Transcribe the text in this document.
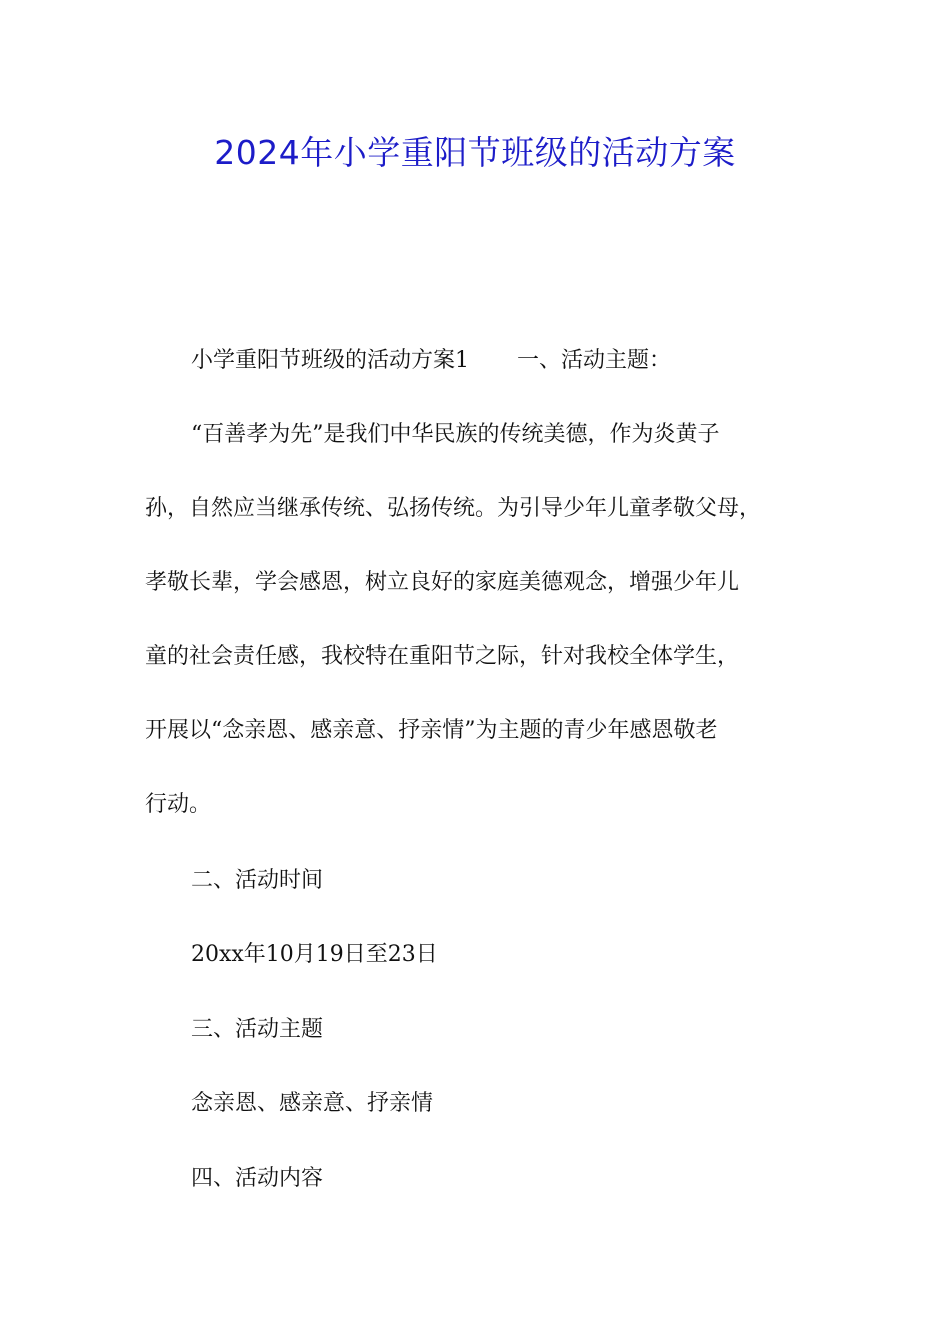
2024年小学重阳节班级的活动方案
小学重阳节班级的活动方案1 一、活动主题：
“百善孝为先”是我们中华民族的传统美德，作为炎黄子
孙，自然应当继承传统、弘扬传统。为引导少年儿童孝敬父母，
孝敬长辈，学会感恩，树立良好的家庭美德观念，增强少年儿
童的社会责任感，我校特在重阳节之际，针对我校全体学生，
开展以“念亲恩、感亲意、抒亲情”为主题的青少年感恩敬老
行动。
二、活动时间
20xx年10月19日至23日
三、活动主题
念亲恩、感亲意、抒亲情
四、活动内容
